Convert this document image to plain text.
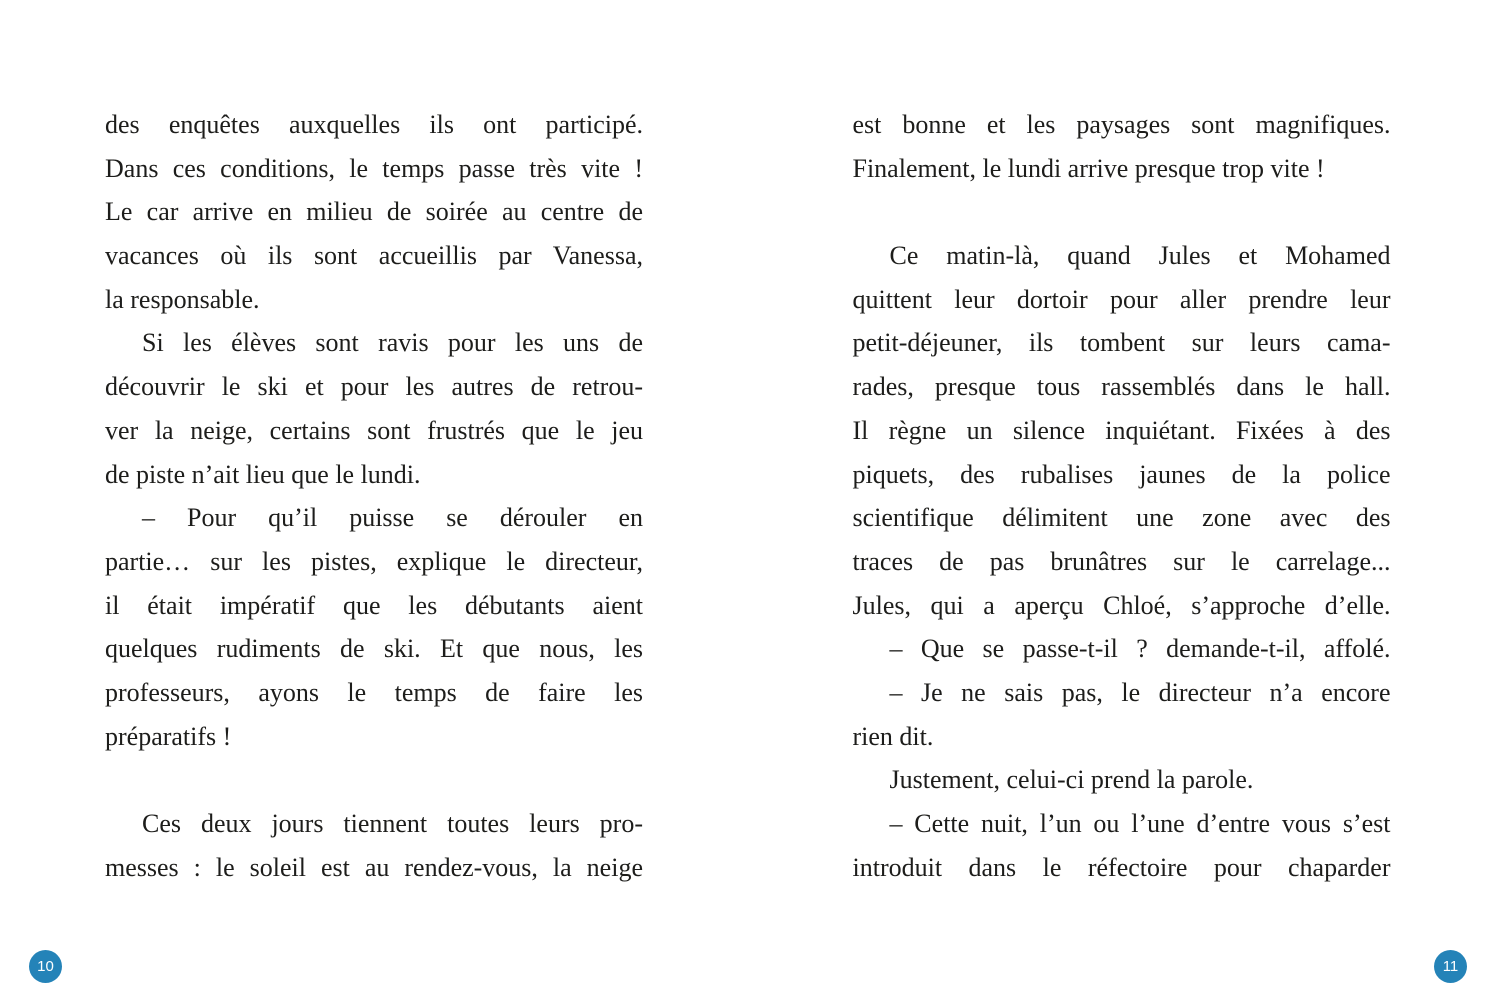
des enquêtes auxquelles ils ont participé.
Dans ces conditions, le temps passe très vite !
Le car arrive en milieu de soirée au centre de
vacances où ils sont accueillis par Vanessa,
la responsable.
Si les élèves sont ravis pour les uns de
découvrir le ski et pour les autres de retrou-
ver la neige, certains sont frustrés que le jeu
de piste n’ait lieu que le lundi.
– Pour qu’il puisse se dérouler en
partie… sur les pistes, explique le directeur,
il était impératif que les débutants aient
quelques rudiments de ski. Et que nous, les
professeurs, ayons le temps de faire les
préparatifs !
Ces deux jours tiennent toutes leurs pro-
messes : le soleil est au rendez-vous, la neige
10
est bonne et les paysages sont magnifiques.
Finalement, le lundi arrive presque trop vite !
Ce matin-là, quand Jules et Mohamed
quittent leur dortoir pour aller prendre leur
petit-déjeuner, ils tombent sur leurs cama-
rades, presque tous rassemblés dans le hall.
Il règne un silence inquiétant. Fixées à des
piquets, des rubalises jaunes de la police
scientifique délimitent une zone avec des
traces de pas brunâtres sur le carrelage...
Jules, qui a aperçu Chloé, s’approche d’elle.
– Que se passe-t-il ? demande-t-il, affolé.
– Je ne sais pas, le directeur n’a encore
rien dit.
Justement, celui-ci prend la parole.
– Cette nuit, l’un ou l’une d’entre vous s’est
introduit dans le réfectoire pour chaparder
11
